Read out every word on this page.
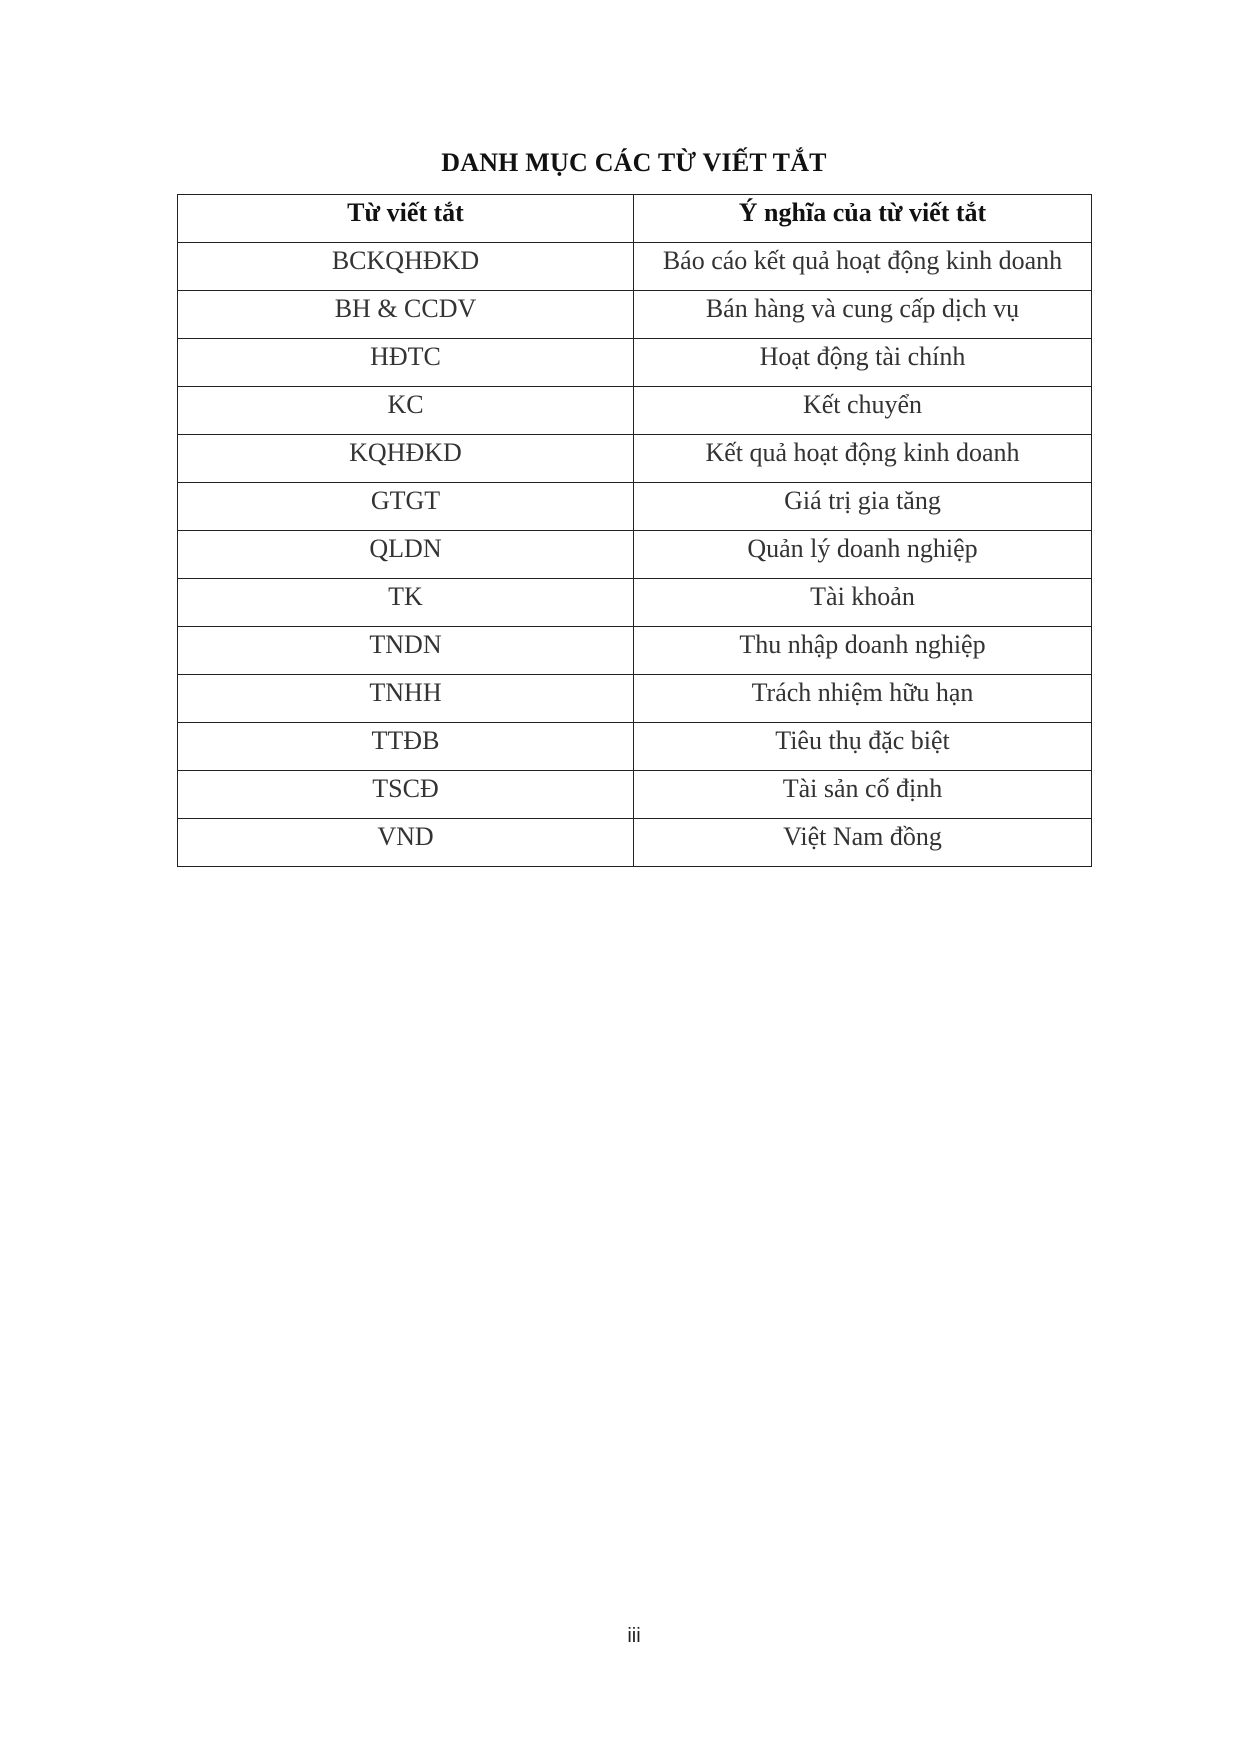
DANH MỤC CÁC TỪ VIẾT TẮT
Từ viết tắt	Ý nghĩa của từ viết tắt
BCKQHĐKD	Báo cáo kết quả hoạt động kinh doanh
BH & CCDV	Bán hàng và cung cấp dịch vụ
HĐTC	Hoạt động tài chính
KC	Kết chuyển
KQHĐKD	Kết quả hoạt động kinh doanh
GTGT	Giá trị gia tăng
QLDN	Quản lý doanh nghiệp
TK	Tài khoản
TNDN	Thu nhập doanh nghiệp
TNHH	Trách nhiệm hữu hạn
TTĐB	Tiêu thụ đặc biệt
TSCĐ	Tài sản cố định
VND	Việt Nam đồng
iii
